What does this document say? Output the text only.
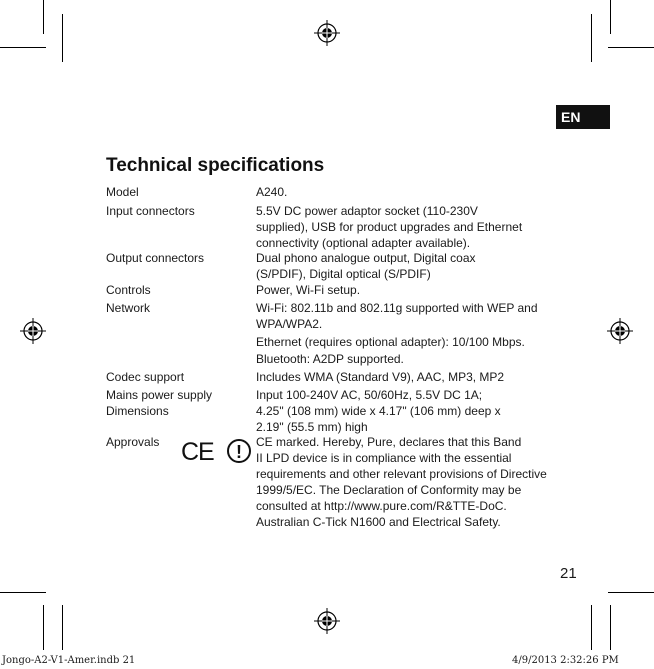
EN
Technical specifications
Model	A240.
Input connectors	5.5V DC power adaptor socket (110-230V
supplied), USB for product upgrades and Ethernet
connectivity (optional adapter available).
Output connectors	Dual phono analogue output, Digital coax
(S/PDIF), Digital optical (S/PDIF)
Controls	Power, Wi-Fi setup.
Network	Wi-Fi: 802.11b and 802.11g supported with WEP and
WPA/WPA2.
Ethernet (requires optional adapter): 10/100 Mbps.
Bluetooth: A2DP supported.
Codec support	Includes WMA (Standard V9), AAC, MP3, MP2
Mains power supply	Input 100-240V AC, 50/60Hz, 5.5V DC 1A;
Dimensions	4.25" (108 mm) wide x 4.17" (106 mm) deep x
2.19" (55.5 mm) high
Approvals CE ! CE marked. Hereby, Pure, declares that this Band
II LPD device is in compliance with the essential
requirements and other relevant provisions of Directive
1999/5/EC. The Declaration of Conformity may be
consulted at http://www.pure.com/R&TTE-DoC.
Australian C-Tick N1600 and Electrical Safety.
21
Jongo-A2-V1-Amer.indb 21	4/9/2013 2:32:26 PM
